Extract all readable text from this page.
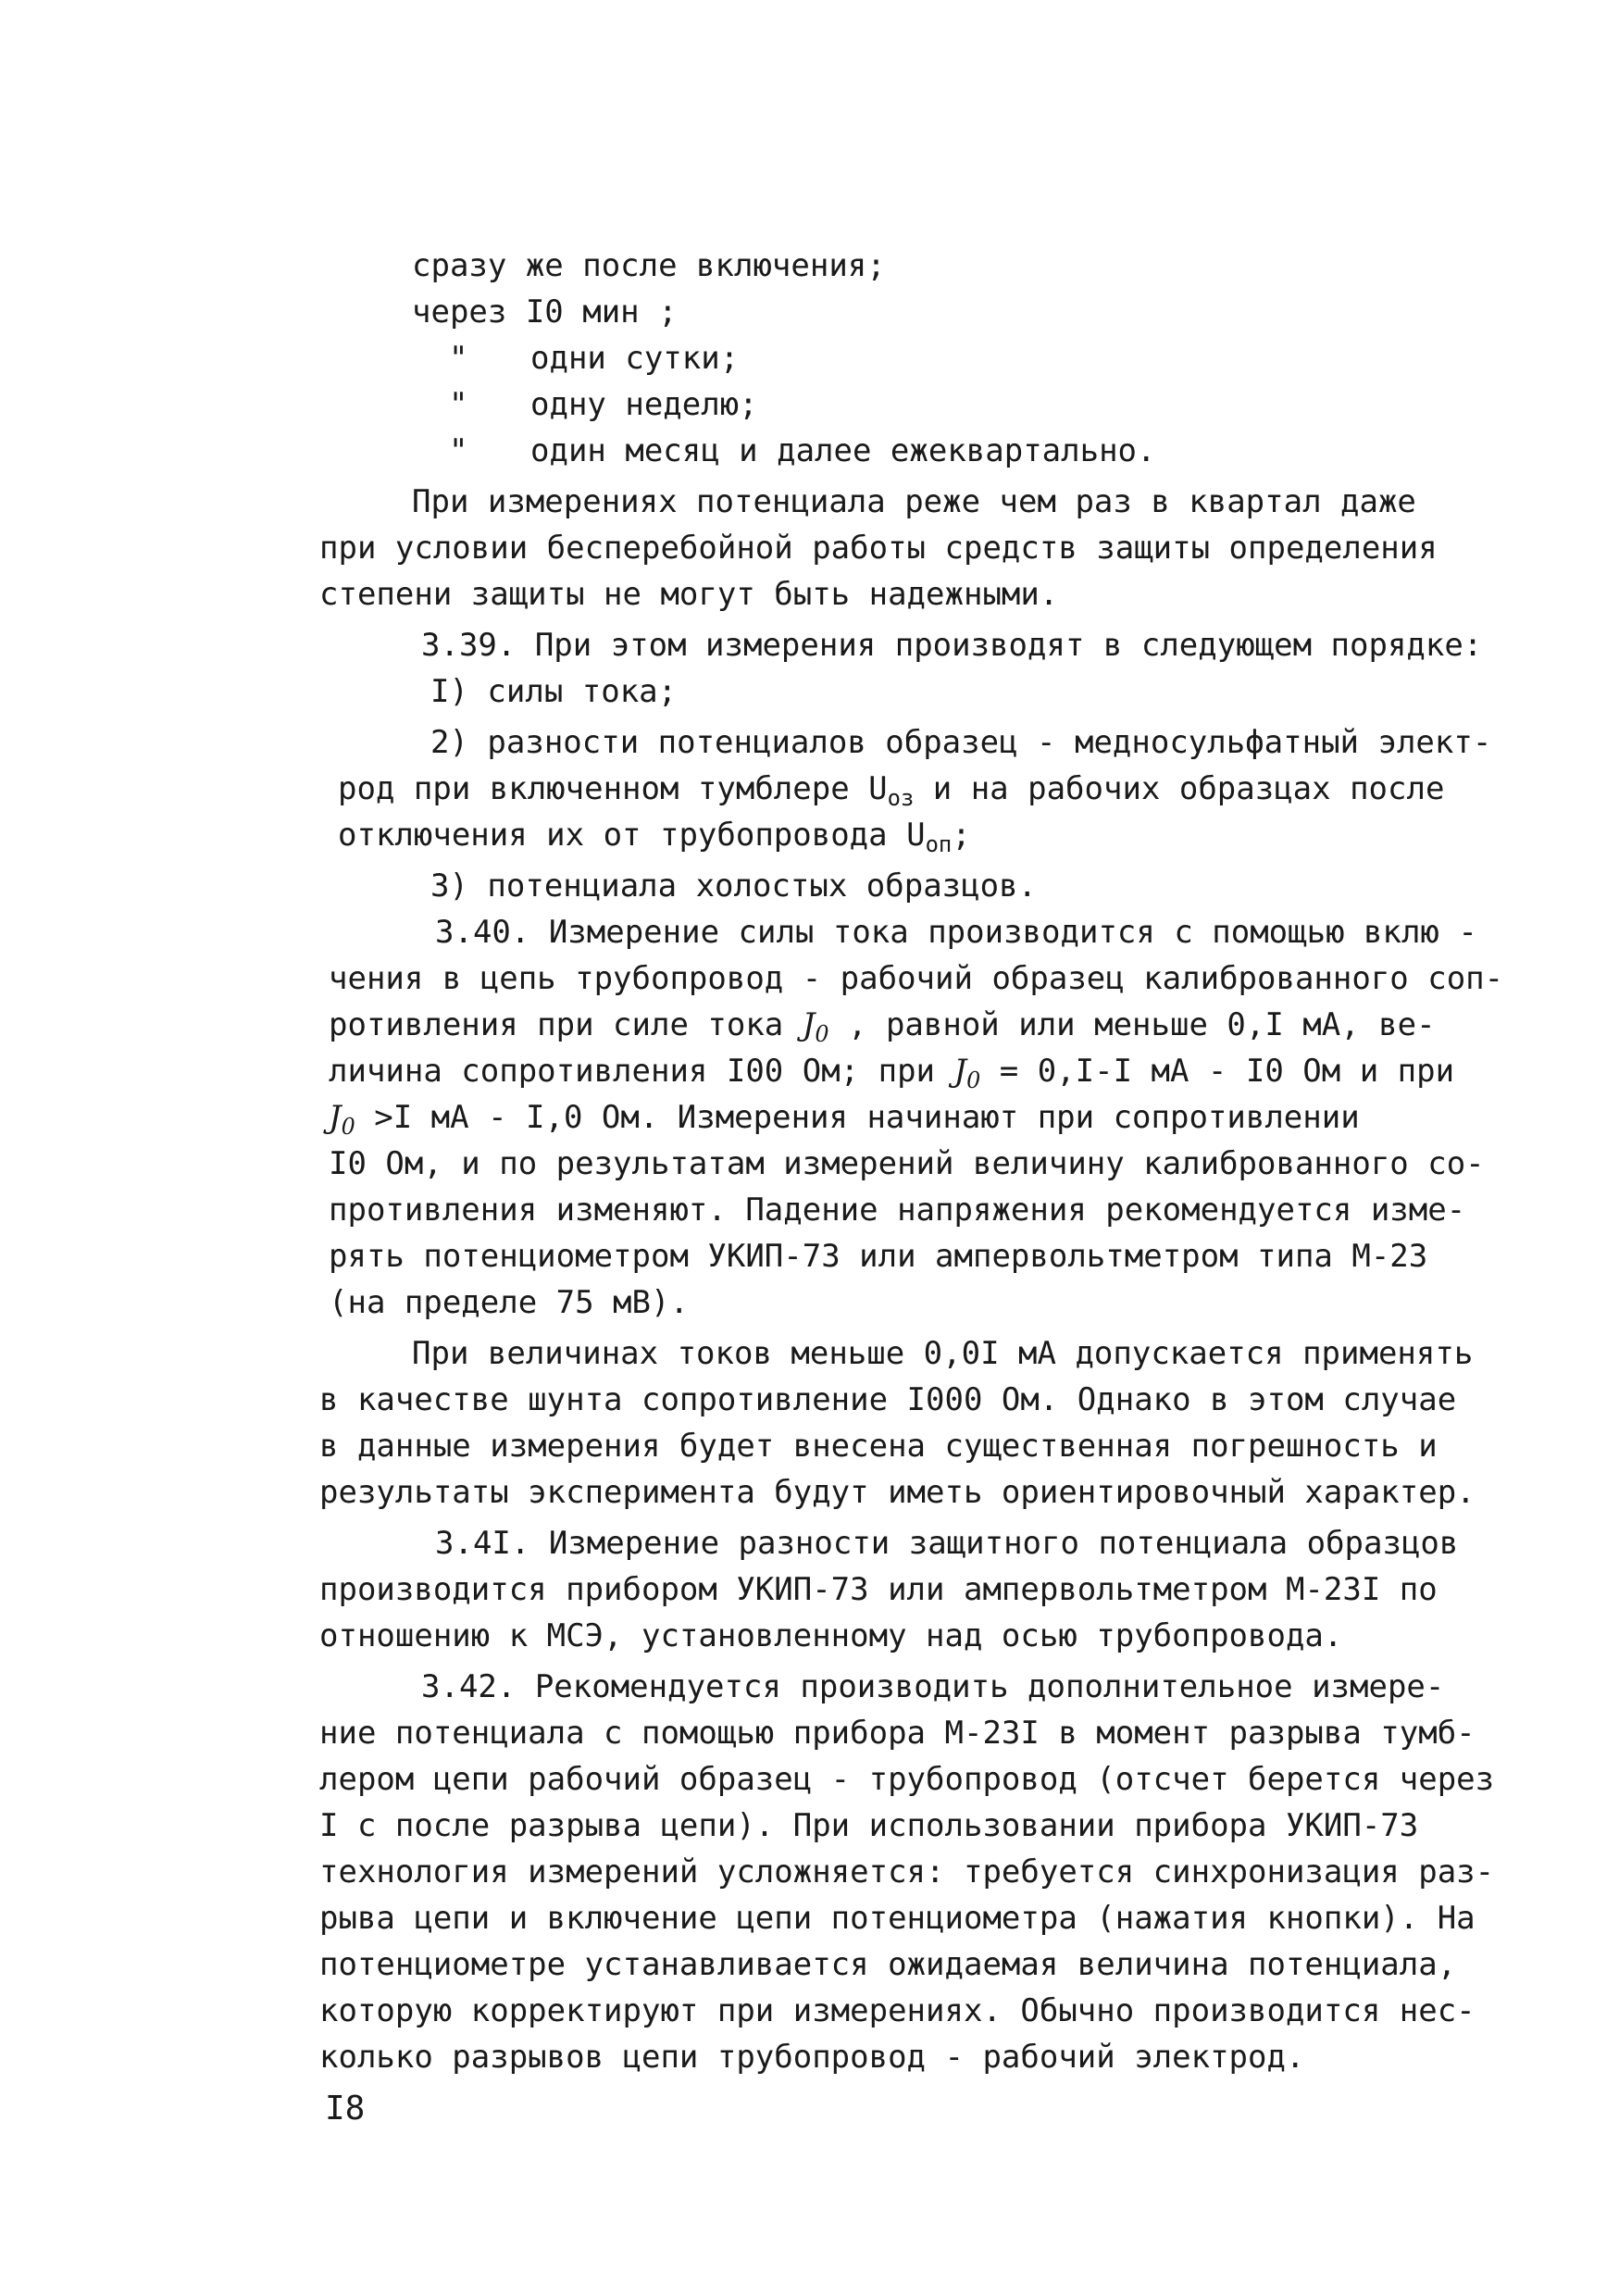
сразу же после включения;
через I0 мин ;
" одни сутки;
" одну неделю;
" один месяц и далее ежеквартально.
При измерениях потенциала реже чем раз в квартал даже
при условии бесперебойной работы средств защиты определения
степени защиты не могут быть надежными.
3.39. При этом измерения производят в следующем порядке:
I) силы тока;
2) разности потенциалов образец - медносульфатный элект-
род при включенном тумблере $U_{оз}$ и на рабочих образцах после
отключения их от трубопровода $U_{оп}$;
3) потенциала холостых образцов.
3.40. Измерение силы тока производится с помощью вклю -
чения в цепь трубопровод - рабочий образец калиброванного соп-
ротивления при силе тока $J_0$ , равной или меньше 0,I мА, ве-
личина сопротивления I00 Ом; при $J_0 = 0,I-I$ мА - I0 Ом и при
$J_0 >I$ мА - I,0 Ом. Измерения начинают при сопротивлении
I0 Ом, и по результатам измерений величину калиброванного со-
противления изменяют. Падение напряжения рекомендуется изме-
рять потенциометром УКИП-73 или ампервольтметром типа М-23
(на пределе 75 мВ).
При величинах токов меньше 0,0I мА допускается применять
в качестве шунта сопротивление I000 Ом. Однако в этом случае
в данные измерения будет внесена существенная погрешность и
результаты эксперимента будут иметь ориентировочный характер.
3.4I. Измерение разности защитного потенциала образцов
производится прибором УКИП-73 или ампервольтметром М-23I по
отношению к МСЭ, установленному над осью трубопровода.
3.42. Рекомендуется производить дополнительное измере-
ние потенциала с помощью прибора М-23I в момент разрыва тумб-
лером цепи рабочий образец - трубопровод (отсчет берется через
I с после разрыва цепи). При использовании прибора УКИП-73
технология измерений усложняется: требуется синхронизация раз-
рыва цепи и включение цепи потенциометра (нажатия кнопки). На
потенциометре устанавливается ожидаемая величина потенциала,
которую корректируют при измерениях. Обычно производится нес-
колько разрывов цепи трубопровод - рабочий электрод.
I8
